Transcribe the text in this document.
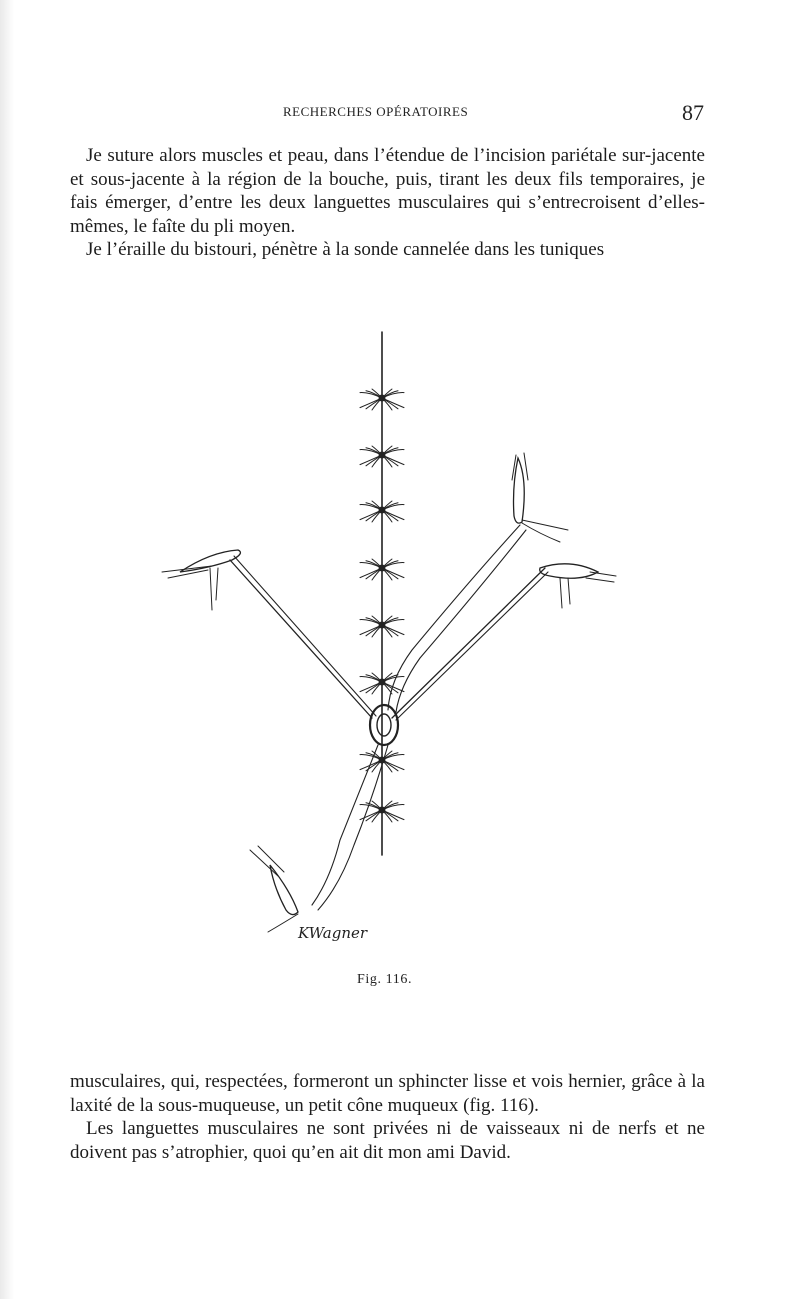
RECHERCHES OPÉRATOIRES	87

Je suture alors muscles et peau, dans l’étendue de l’incision pariétale sur-jacente et sous-jacente à la région de la bouche, puis, tirant les deux fils temporaires, je fais émerger, d’entre les deux languettes musculaires qui s’entrecroisent d’elles-mêmes, le faîte du pli moyen.

Je l’éraille du bistouri, pénètre à la sonde cannelée dans les tuniques

KWagner
Fig. 116.

musculaires, qui, respectées, formeront un sphincter lisse et vois hernier, grâce à la laxité de la sous-muqueuse, un petit cône muqueux (fig. 116).

Les languettes musculaires ne sont privées ni de vaisseaux ni de nerfs et ne doivent pas s’atrophier, quoi qu’en ait dit mon ami David.
